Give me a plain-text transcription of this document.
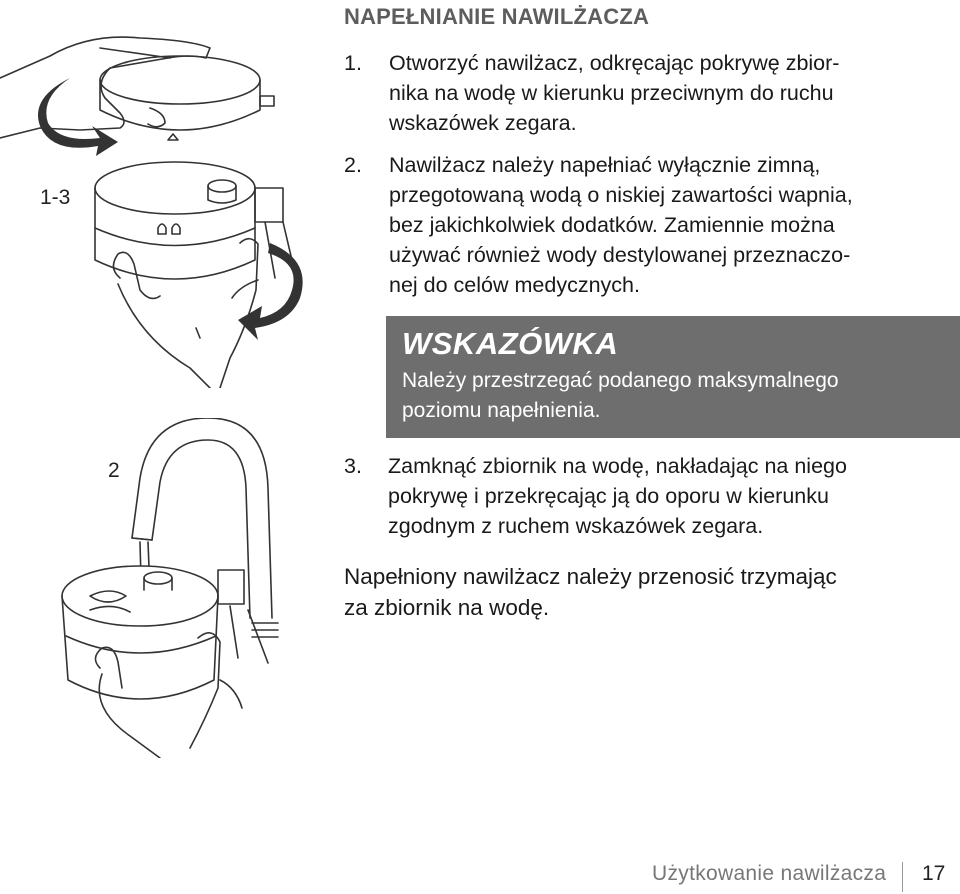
1-3
2
NAPEŁNIANIE NAWILŻACZA
1. Otworzyć nawilżacz, odkręcając pokrywę zbior-
nika na wodę w kierunku przeciwnym do ruchu
wskazówek zegara.
2. Nawilżacz należy napełniać wyłącznie zimną,
przegotowaną wodą o niskiej zawartości wapnia,
bez jakichkolwiek dodatków. Zamiennie można
używać również wody destylowanej przeznaczo-
nej do celów medycznych.
WSKAZÓWKA
Należy przestrzegać podanego maksymalnego
poziomu napełnienia.
3. Zamknąć zbiornik na wodę, nakładając na niego
pokrywę i przekręcając ją do oporu w kierunku
zgodnym z ruchem wskazówek zegara.
Napełniony nawilżacz należy przenosić trzymając
za zbiornik na wodę.
Użytkowanie nawilżacza 17
